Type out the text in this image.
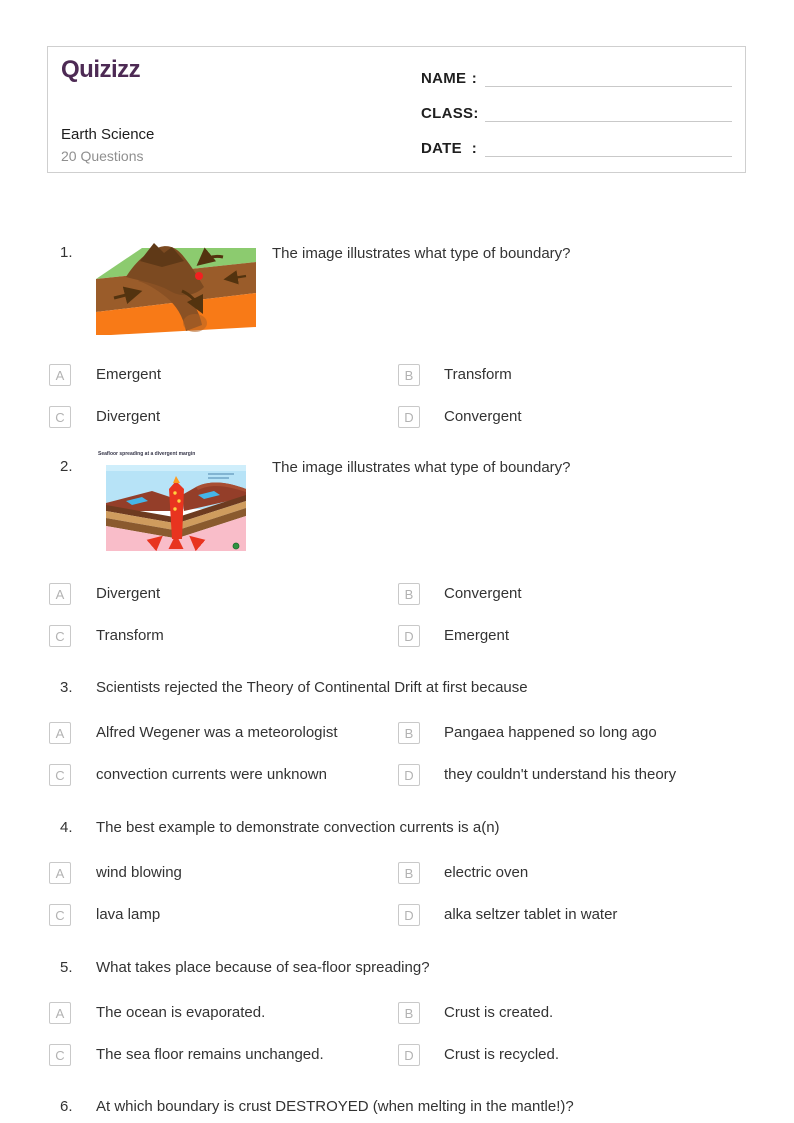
Quizizz
Earth Science
20 Questions
NAME :
CLASS :
DATE :
1.	The image illustrates what type of boundary?
A	Emergent	B	Transform
C	Divergent	D	Convergent
2.
Seafloor spreading at a divergent margin
The image illustrates what type of boundary?
A	Divergent	B	Convergent
C	Transform	D	Emergent
3.	Scientists rejected the Theory of Continental Drift at first because
A	Alfred Wegener was a meteorologist	B	Pangaea happened so long ago
C	convection currents were unknown	D	they couldn't understand his theory
4.	The best example to demonstrate convection currents is a(n)
A	wind blowing	B	electric oven
C	lava lamp	D	alka seltzer tablet in water
5.	What takes place because of sea-floor spreading?
A	The ocean is evaporated.	B	Crust is created.
C	The sea floor remains unchanged.	D	Crust is recycled.
6.	At which boundary is crust DESTROYED (when melting in the mantle!)?
